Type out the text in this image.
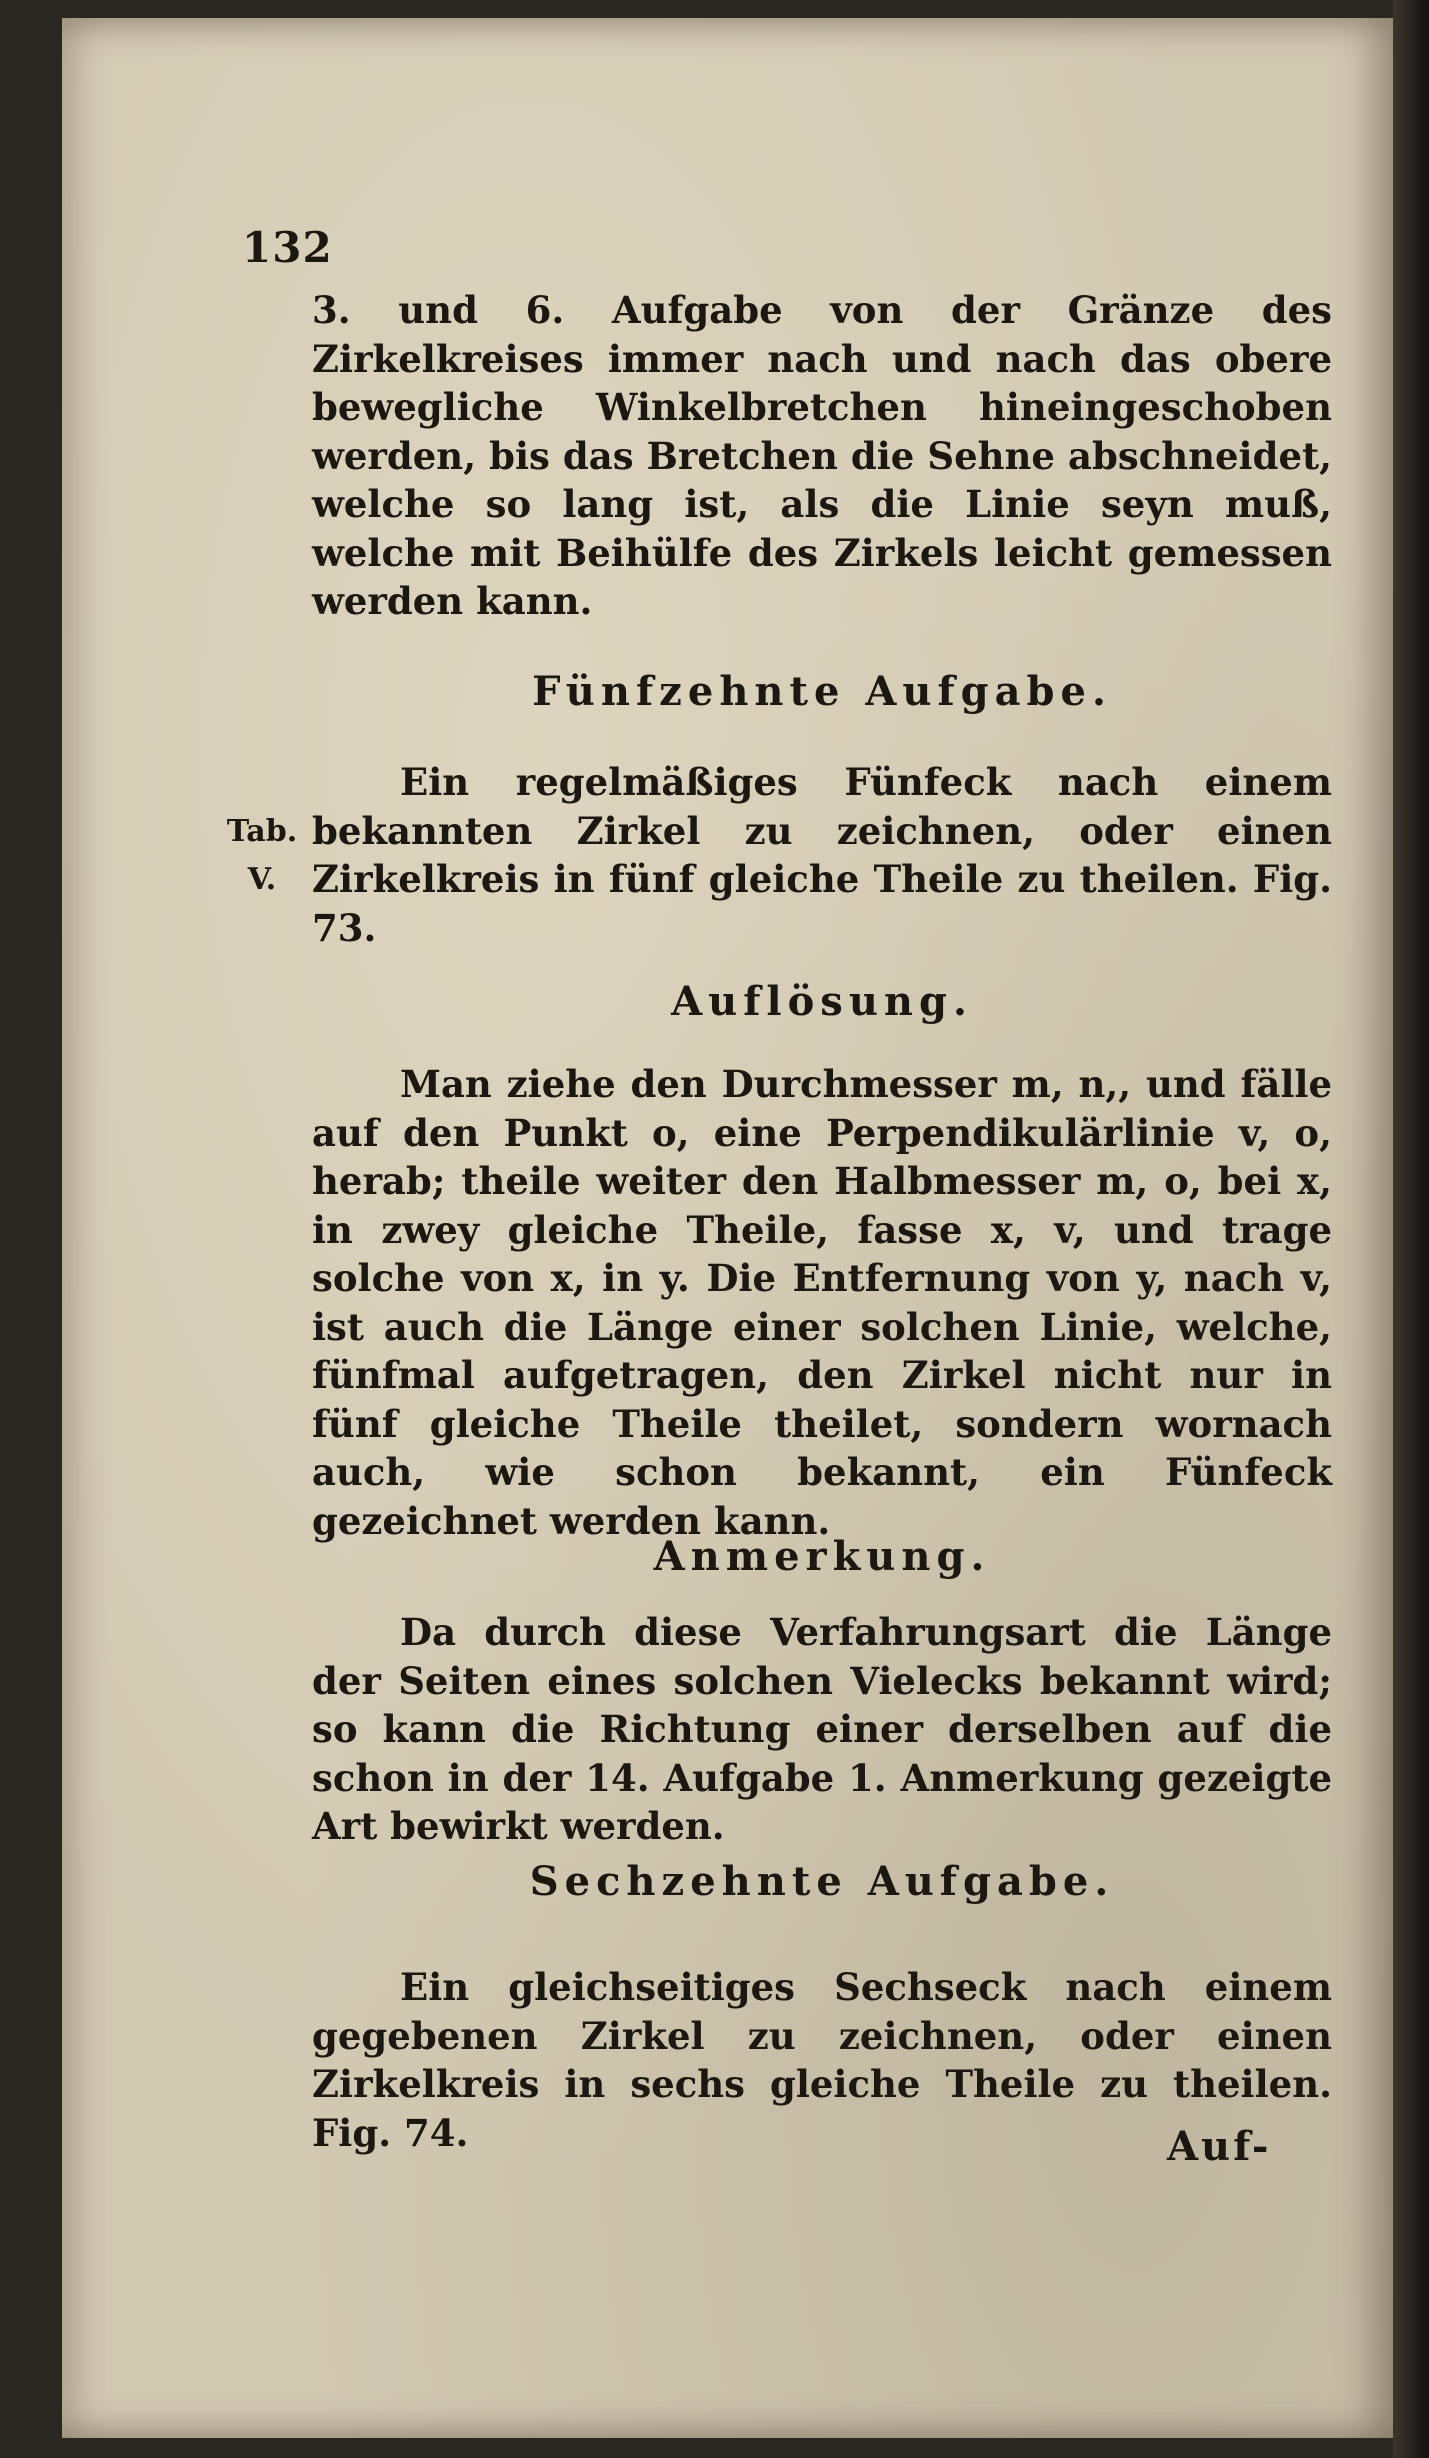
132
3. und 6. Aufgabe von der Gränze des Zirkelkreises immer nach und nach das obere bewegliche Winkelbretchen hineingeschoben werden, bis das Bretchen die Sehne abschneidet, welche so lang ist, als die Linie seyn muß, welche mit Beihülfe des Zirkels leicht gemessen werden kann.
Fünfzehnte Aufgabe.
Ein regelmäßiges Fünfeck nach einem bekannten Zirkel zu zeichnen, oder einen Zirkelkreis in fünf gleiche Theile zu theilen. Fig. 73.
Tab.
V.
Auflösung.
Man ziehe den Durchmesser m, n,, und fälle auf den Punkt o, eine Perpendikulärlinie v, o, herab; theile weiter den Halbmesser m, o, bei x, in zwey gleiche Theile, fasse x, v, und trage solche von x, in y. Die Entfernung von y, nach v, ist auch die Länge einer solchen Linie, welche, fünfmal aufgetragen, den Zirkel nicht nur in fünf gleiche Theile theilet, sondern wornach auch, wie schon bekannt, ein Fünfeck gezeichnet werden kann.
Anmerkung.
Da durch diese Verfahrungsart die Länge der Seiten eines solchen Vielecks bekannt wird; so kann die Richtung einer derselben auf die schon in der 14. Aufgabe 1. Anmerkung gezeigte Art bewirkt werden.
Sechzehnte Aufgabe.
Ein gleichseitiges Sechseck nach einem gegebenen Zirkel zu zeichnen, oder einen Zirkelkreis in sechs gleiche Theile zu theilen. Fig. 74.	Auf-
